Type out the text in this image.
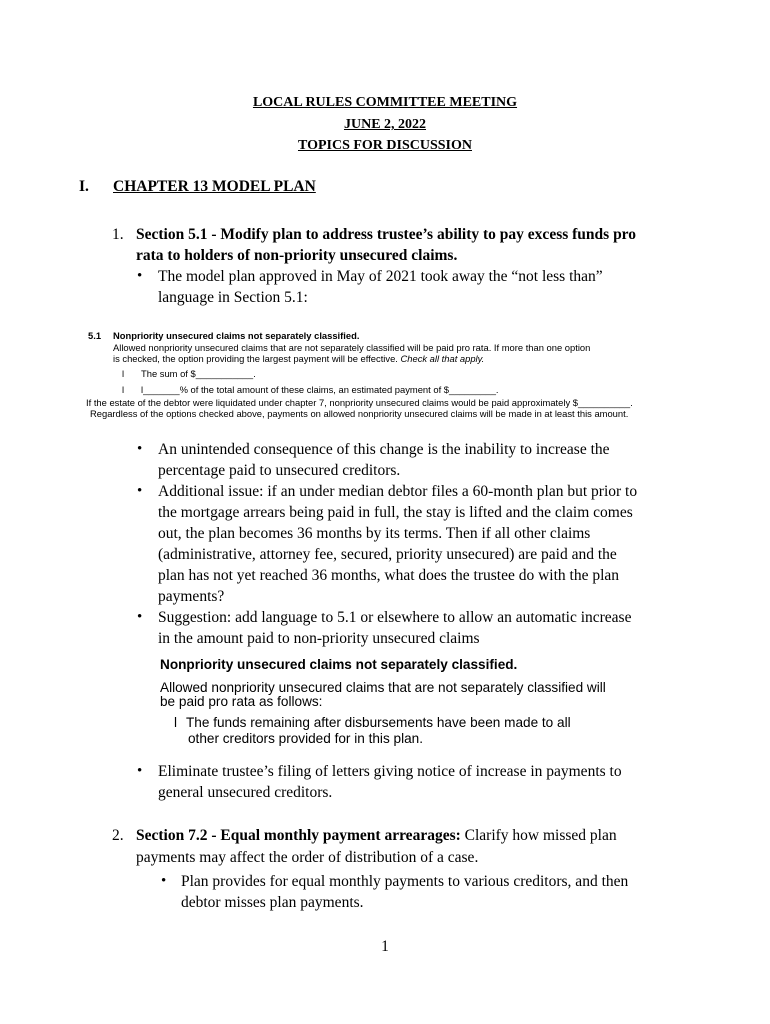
LOCAL RULES COMMITTEE MEETING
JUNE 2, 2022
TOPICS FOR DISCUSSION
I. CHAPTER 13 MODEL PLAN
1. Section 5.1 - Modify plan to address trustee’s ability to pay excess funds pro
rata to holders of non-priority unsecured claims.
• The model plan approved in May of 2021 took away the “not less than”
language in Section 5.1:
5.1 Nonpriority unsecured claims not separately classified.
Allowed nonpriority unsecured claims that are not separately classified will be paid pro rata. If more than one option
is checked, the option providing the largest payment will be effective. Check all that apply.
l The sum of $___________.
l l_______% of the total amount of these claims, an estimated payment of $_________.
If the estate of the debtor were liquidated under chapter 7, nonpriority unsecured claims would be paid approximately $__________.
Regardless of the options checked above, payments on allowed nonpriority unsecured claims will be made in at least this amount.
• An unintended consequence of this change is the inability to increase the
percentage paid to unsecured creditors.
• Additional issue: if an under median debtor files a 60-month plan but prior to
the mortgage arrears being paid in full, the stay is lifted and the claim comes
out, the plan becomes 36 months by its terms. Then if all other claims
(administrative, attorney fee, secured, priority unsecured) are paid and the
plan has not yet reached 36 months, what does the trustee do with the plan
payments?
• Suggestion: add language to 5.1 or elsewhere to allow an automatic increase
in the amount paid to non-priority unsecured claims
Nonpriority unsecured claims not separately classified.
Allowed nonpriority unsecured claims that are not separately classified will
be paid pro rata as follows:
l The funds remaining after disbursements have been made to all
other creditors provided for in this plan.
• Eliminate trustee’s filing of letters giving notice of increase in payments to
general unsecured creditors.
2. Section 7.2 - Equal monthly payment arrearages: Clarify how missed plan
payments may affect the order of distribution of a case.
• Plan provides for equal monthly payments to various creditors, and then
debtor misses plan payments.
1
